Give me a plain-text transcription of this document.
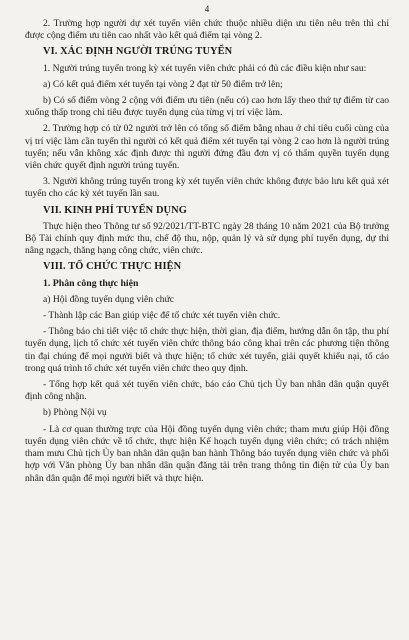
4

2. Trường hợp người dự xét tuyển viên chức thuộc nhiều diện ưu tiên nêu trên thì chỉ được cộng điểm ưu tiên cao nhất vào kết quả điểm tại vòng 2.

VI. XÁC ĐỊNH NGƯỜI TRÚNG TUYỂN

1. Người trúng tuyển trong kỳ xét tuyển viên chức phải có đủ các điều kiện như sau:

a) Có kết quả điểm xét tuyển tại vòng 2 đạt từ 50 điểm trở lên;

b) Có số điểm vòng 2 cộng với điểm ưu tiên (nếu có) cao hơn lấy theo thứ tự điểm từ cao xuống thấp trong chỉ tiêu được tuyển dụng của từng vị trí việc làm.

2. Trường hợp có từ 02 người trở lên có tổng số điểm bằng nhau ở chỉ tiêu cuối cùng của vị trí việc làm cần tuyển thì người có kết quả điểm xét tuyển tại vòng 2 cao hơn là người trúng tuyển; nếu vẫn không xác định được thì người đứng đầu đơn vị có thẩm quyền tuyển dụng viên chức quyết định người trúng tuyển.

3. Người không trúng tuyển trong kỳ xét tuyển viên chức không được bảo lưu kết quả xét tuyển cho các kỳ xét tuyển lần sau.

VII. KINH PHÍ TUYỂN DỤNG

Thực hiện theo Thông tư số 92/2021/TT-BTC ngày 28 tháng 10 năm 2021 của Bộ trưởng Bộ Tài chính quy định mức thu, chế độ thu, nộp, quản lý và sử dụng phí tuyển dụng, dự thi nâng ngạch, thăng hạng công chức, viên chức.

VIII. TỔ CHỨC THỰC HIỆN
1. Phân công thực hiện

a) Hội đồng tuyển dụng viên chức

- Thành lập các Ban giúp việc để tổ chức xét tuyển viên chức.

- Thông báo chi tiết việc tổ chức thực hiện, thời gian, địa điểm, hướng dẫn ôn tập, thu phí tuyển dụng, lịch tổ chức xét tuyển viên chức thông báo công khai trên các phương tiện thông tin đại chúng để mọi người biết và thực hiện; tổ chức xét tuyển, giải quyết khiếu nại, tố cáo trong quá trình tổ chức xét tuyển viên chức theo quy định.

- Tổng hợp kết quả xét tuyển viên chức, báo cáo Chủ tịch Ủy ban nhân dân quận quyết định công nhận.

b) Phòng Nội vụ

- Là cơ quan thường trực của Hội đồng tuyển dụng viên chức; tham mưu giúp Hội đồng tuyển dụng viên chức về tổ chức, thực hiện Kế hoạch tuyển dụng viên chức; có trách nhiệm tham mưu Chủ tịch Ủy ban nhân dân quận ban hành Thông báo tuyển dụng viên chức và phối hợp với Văn phòng Ủy ban nhân dân quận đăng tải trên trang thông tin điện tử của Ủy ban nhân dân quận để mọi người biết và thực hiện.
